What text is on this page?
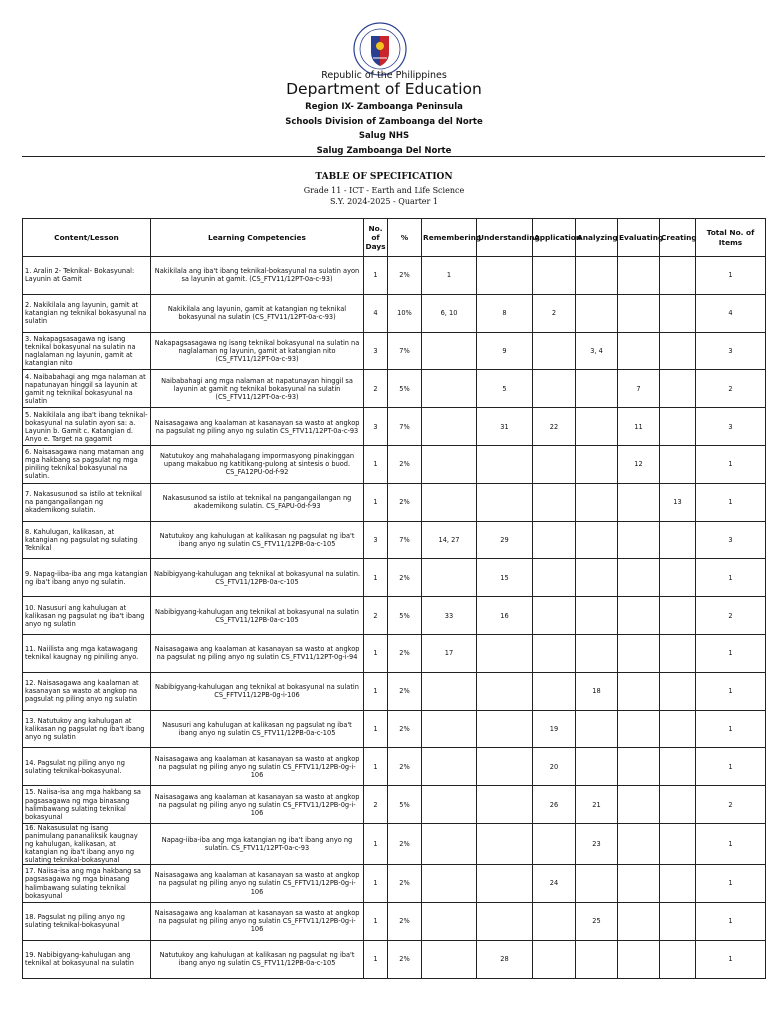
Republic of the Philippines
Department of Education
Region IX- Zamboanga Peninsula
Schools Division of Zamboanga del Norte
Salug NHS
Salug Zamboanga Del Norte
TABLE OF SPECIFICATION
Grade 11 - ICT - Earth and Life Science
S.Y. 2024-2025 - Quarter 1
Content/Lesson	Learning Competencies	No. of Days	%	Remembering	Understanding	Application	Analyzing	Evaluating	Creating	Total No. of Items
1. Aralin 2- Teknikal- Bokasyunal: Layunin at Gamit	Nakikilala ang iba't ibang teknikal-bokasyunal na sulatin ayon sa layunin at gamit. (CS_FTV11/12PT-0a-c-93)	1	2%	1						1
2. Nakikilala ang layunin, gamit at katangian ng teknikal bokasyunal na sulatin	Nakikilala ang layunin, gamit at katangian ng teknikal bokasyunal na sulatin (CS_FTV11/12PT-0a-c-93)	4	10%	6, 10	8	2				4
3. Nakapagsasagawa ng isang teknikal bokasyunal na sulatin na naglalaman ng layunin, gamit at katangian nito	Nakapagsasagawa ng isang teknikal bokasyunal na sulatin na naglalaman ng layunin, gamit at katangian nito (CS_FTV11/12PT-0a-c-93)	3	7%		9		3, 4			3
4. Naibabahagi ang mga nalaman at napatunayan hinggil sa layunin at gamit ng teknikal bokasyunal na sulatin	Naibabahagi ang mga nalaman at napatunayan hinggil sa layunin at gamit ng teknikal bokasyunal na sulatin (CS_FTV11/12PT-0a-c-93)	2	5%		5			7		2
5. Nakikilala ang iba't ibang teknikal-bokasyunal na sulatin ayon sa: a. Layunin b. Gamit c. Katangian d. Anyo e. Target na gagamit	Naisasagawa ang kaalaman at kasanayan sa wasto at angkop na pagsulat ng piling anyo ng sulatin CS_FTV11/12PT-0a-c-93	3	7%		31	22		11		3
6. Naisasagawa nang mataman ang mga hakbang sa pagsulat ng mga piniling teknikal bokasyunal na sulatin.	Natutukoy ang mahahalagang impormasyong pinakinggan upang makabuo ng katitikang-pulong at sintesis o buod. CS_FA12PU-0d-f-92	1	2%					12		1
7. Nakasusunod sa istilo at teknikal na pangangailangan ng akademikong sulatin.	Nakasusunod sa istilo at teknikal na pangangailangan ng akademikong sulatin. CS_FAPU-0d-f-93	1	2%						13	1
8. Kahulugan, kalikasan, at katangian ng pagsulat ng sulating Teknikal	Natutukoy ang kahulugan at kalikasan ng pagsulat ng iba't ibang anyo ng sulatin CS_FTV11/12PB-0a-c-105	3	7%	14, 27	29					3
9. Napag-iiba-iba ang mga katangian ng iba't ibang anyo ng sulatin.	Nabibigyang-kahulugan ang teknikal at bokasyunal na sulatin. CS_FTV11/12PB-0a-c-105	1	2%		15					1
10. Nasusuri ang kahulugan at kalikasan ng pagsulat ng iba't ibang anyo ng sulatin	Nabibigyang-kahulugan ang teknikal at bokasyunal na sulatin CS_FTV11/12PB-0a-c-105	2	5%	33	16					2
11. Naiilista ang mga katawagang teknikal kaugnay ng piniling anyo.	Naisasagawa ang kaalaman at kasanayan sa wasto at angkop na pagsulat ng piling anyo ng sulatin CS_FTV11/12PT-0g-i-94	1	2%	17						1
12. Naisasagawa ang kaalaman at kasanayan sa wasto at angkop na pagsulat ng piling anyo ng sulatin	Nabibigyang-kahulugan ang teknikal at bokasyunal na sulatin CS_FFTV11/12PB-0g-i-106	1	2%				18			1
13. Natutukoy ang kahulugan at kalikasan ng pagsulat ng iba't ibang anyo ng sulatin	Nasusuri ang kahulugan at kalikasan ng pagsulat ng iba't ibang anyo ng sulatin CS_FTV11/12PB-0a-c-105	1	2%			19				1
14. Pagsulat ng piling anyo ng sulating teknikal-bokasyunal.	Naisasagawa ang kaalaman at kasanayan sa wasto at angkop na pagsulat ng piling anyo ng sulatin CS_FFTV11/12PB-0g-i-106	1	2%			20				1
15. Naiisa-isa ang mga hakbang sa pagsasagawa ng mga binasang halimbawang sulating teknikal bokasyunal	Naisasagawa ang kaalaman at kasanayan sa wasto at angkop na pagsulat ng piling anyo ng sulatin CS_FFTV11/12PB-0g-i-106	2	5%			26	21			2
16. Nakasusulat ng isang panimulang pananaliksik kaugnay ng kahulugan, kalikasan, at katangian ng iba't ibang anyo ng sulating teknikal-bokasyunal	Napag-iiba-iba ang mga katangian ng iba't ibang anyo ng sulatin. CS_FTV11/12PT-0a-c-93	1	2%				23			1
17. Naiisa-isa ang mga hakbang sa pagsasagawa ng mga binasang halimbawang sulating teknikal bokasyunal	Naisasagawa ang kaalaman at kasanayan sa wasto at angkop na pagsulat ng piling anyo ng sulatin CS_FFTV11/12PB-0g-i-106	1	2%			24				1
18. Pagsulat ng piling anyo ng sulating teknikal-bokasyunal	Naisasagawa ang kaalaman at kasanayan sa wasto at angkop na pagsulat ng piling anyo ng sulatin CS_FFTV11/12PB-0g-i-106	1	2%				25			1
19. Nabibigyang-kahulugan ang teknikal at bokasyunal na sulatin	Natutukoy ang kahulugan at kalikasan ng pagsulat ng iba't ibang anyo ng sulatin CS_FTV11/12PB-0a-c-105	1	2%		28					1
